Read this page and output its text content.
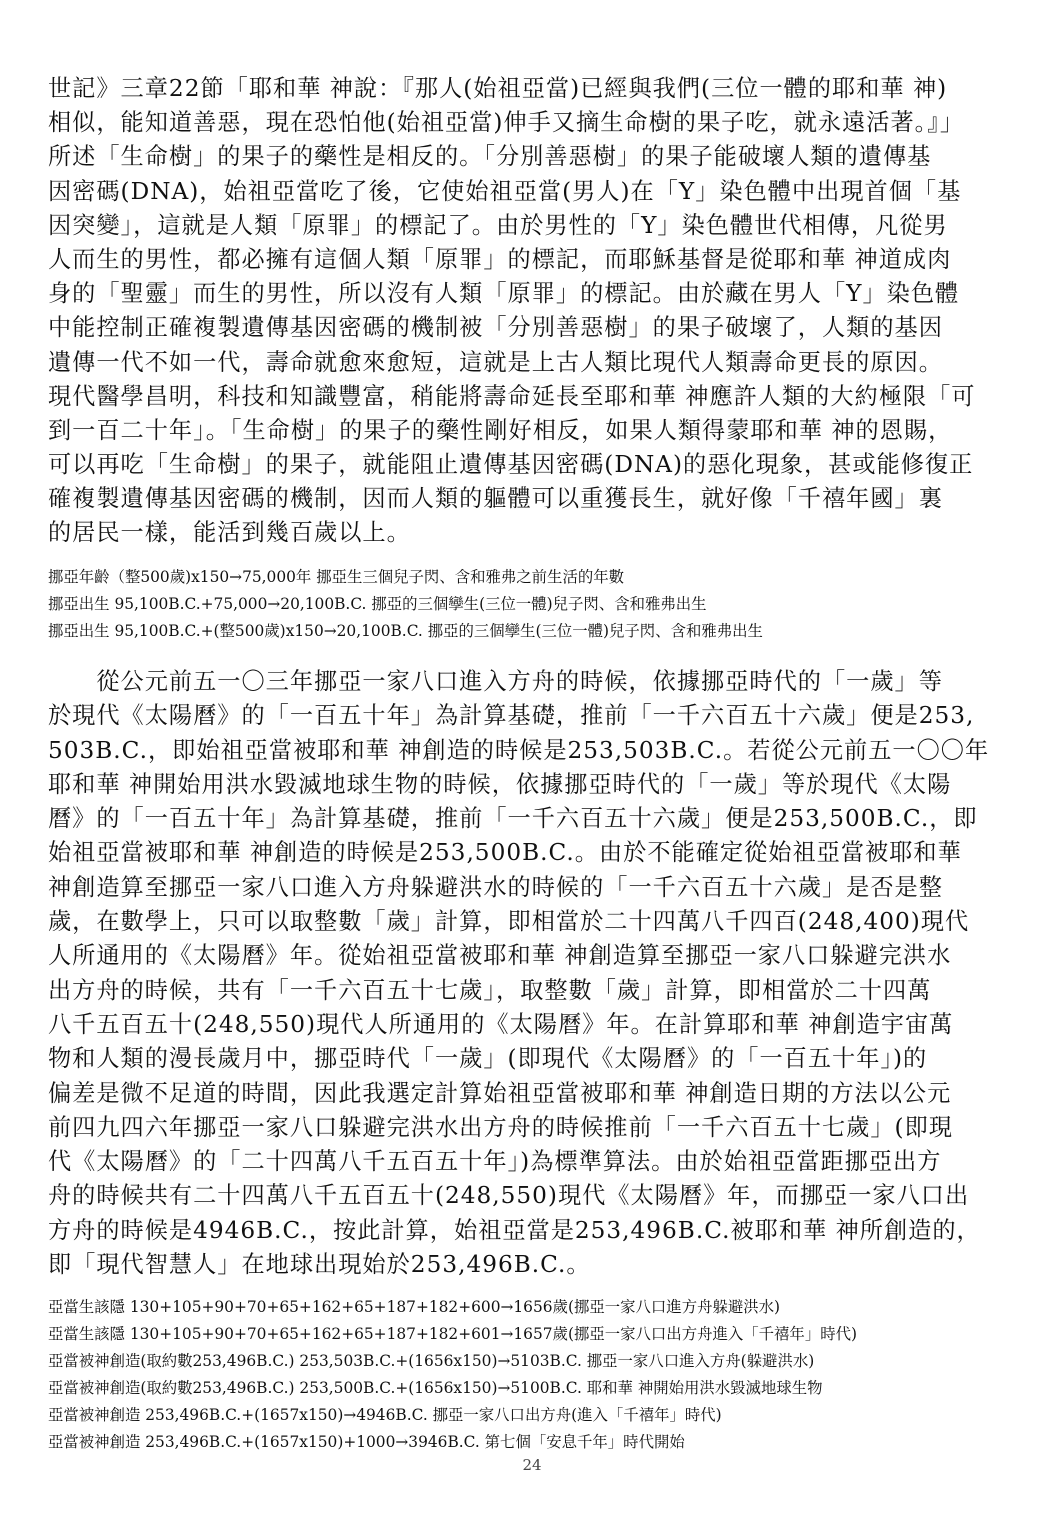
世記》三章22節「耶和華 神說：『那人(始祖亞當)已經與我們(三位一體的耶和華 神)
相似，能知道善惡，現在恐怕他(始祖亞當)伸手又摘生命樹的果子吃，就永遠活著。』」
所述「生命樹」的果子的藥性是相反的。「分別善惡樹」的果子能破壞人類的遺傳基
因密碼(DNA)，始祖亞當吃了後，它使始祖亞當(男人)在「Y」染色體中出現首個「基
因突變」，這就是人類「原罪」的標記了。由於男性的「Y」染色體世代相傳，凡從男
人而生的男性，都必擁有這個人類「原罪」的標記，而耶穌基督是從耶和華 神道成肉
身的「聖靈」而生的男性，所以沒有人類「原罪」的標記。由於藏在男人「Y」染色體
中能控制正確複製遺傳基因密碼的機制被「分別善惡樹」的果子破壞了，人類的基因
遺傳一代不如一代，壽命就愈來愈短，這就是上古人類比現代人類壽命更長的原因。
現代醫學昌明，科技和知識豐富，稍能將壽命延長至耶和華 神應許人類的大約極限「可
到一百二十年」。「生命樹」的果子的藥性剛好相反，如果人類得蒙耶和華 神的恩賜，
可以再吃「生命樹」的果子，就能阻止遺傳基因密碼(DNA)的惡化現象，甚或能修復正
確複製遺傳基因密碼的機制，因而人類的軀體可以重獲長生，就好像「千禧年國」裏
的居民一樣，能活到幾百歲以上。
挪亞年齡（整500歲)x150→75,000年 挪亞生三個兒子閃、含和雅弗之前生活的年數
挪亞出生 95,100B.C.+75,000→20,100B.C. 挪亞的三個孿生(三位一體)兒子閃、含和雅弗出生
挪亞出生 95,100B.C.+(整500歲)x150→20,100B.C. 挪亞的三個孿生(三位一體)兒子閃、含和雅弗出生
　　從公元前五一〇三年挪亞一家八口進入方舟的時候，依據挪亞時代的「一歲」等
於現代《太陽曆》的「一百五十年」為計算基礎，推前「一千六百五十六歲」便是253,
503B.C.，即始祖亞當被耶和華 神創造的時候是253,503B.C.。若從公元前五一〇〇年
耶和華 神開始用洪水毀滅地球生物的時候，依據挪亞時代的「一歲」等於現代《太陽
曆》的「一百五十年」為計算基礎，推前「一千六百五十六歲」便是253,500B.C.，即
始祖亞當被耶和華 神創造的時候是253,500B.C.。由於不能確定從始祖亞當被耶和華
神創造算至挪亞一家八口進入方舟躲避洪水的時候的「一千六百五十六歲」是否是整
歲，在數學上，只可以取整數「歲」計算，即相當於二十四萬八千四百(248,400)現代
人所通用的《太陽曆》年。從始祖亞當被耶和華 神創造算至挪亞一家八口躲避完洪水
出方舟的時候，共有「一千六百五十七歲」，取整數「歲」計算，即相當於二十四萬
八千五百五十(248,550)現代人所通用的《太陽曆》年。在計算耶和華 神創造宇宙萬
物和人類的漫長歲月中，挪亞時代「一歲」(即現代《太陽曆》的「一百五十年」)的
偏差是微不足道的時間，因此我選定計算始祖亞當被耶和華 神創造日期的方法以公元
前四九四六年挪亞一家八口躲避完洪水出方舟的時候推前「一千六百五十七歲」(即現
代《太陽曆》的「二十四萬八千五百五十年」)為標準算法。由於始祖亞當距挪亞出方
舟的時候共有二十四萬八千五百五十(248,550)現代《太陽曆》年，而挪亞一家八口出
方舟的時候是4946B.C.，按此計算，始祖亞當是253,496B.C.被耶和華 神所創造的，
即「現代智慧人」在地球出現始於253,496B.C.。
亞當生該隱 130+105+90+70+65+162+65+187+182+600→1656歲(挪亞一家八口進方舟躲避洪水)
亞當生該隱 130+105+90+70+65+162+65+187+182+601→1657歲(挪亞一家八口出方舟進入「千禧年」時代)
亞當被神創造(取約數253,496B.C.) 253,503B.C.+(1656x150)→5103B.C. 挪亞一家八口進入方舟(躲避洪水)
亞當被神創造(取約數253,496B.C.) 253,500B.C.+(1656x150)→5100B.C. 耶和華 神開始用洪水毀滅地球生物
亞當被神創造 253,496B.C.+(1657x150)→4946B.C. 挪亞一家八口出方舟(進入「千禧年」時代)
亞當被神創造 253,496B.C.+(1657x150)+1000→3946B.C. 第七個「安息千年」時代開始
24
